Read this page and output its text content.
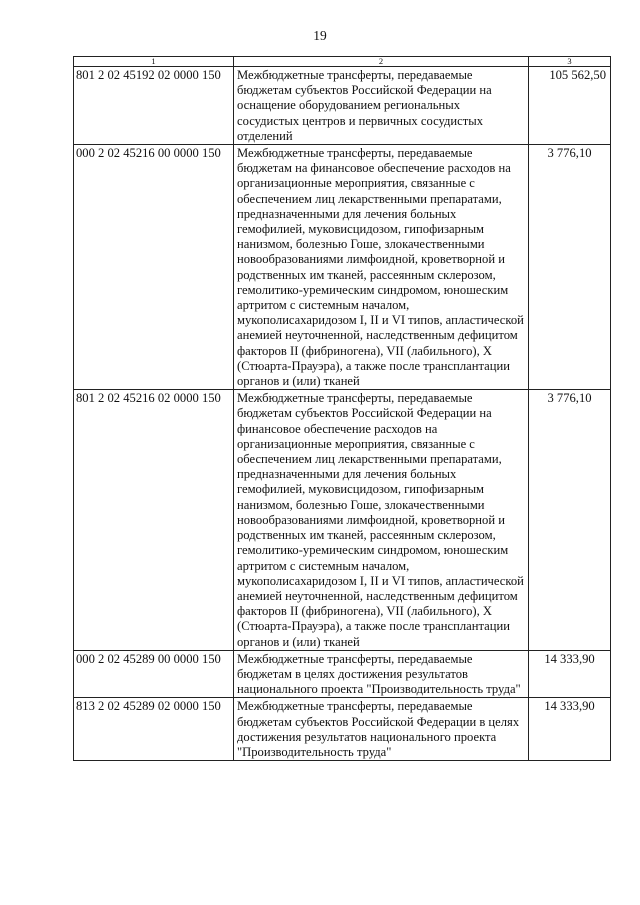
19
1	2	3
801 2 02 45192 02 0000 150	Межбюджетные трансферты, передаваемые бюджетам субъектов Российской Федерации на оснащение оборудованием региональных сосудистых центров и первичных сосудистых отделений	105 562,50
000 2 02 45216 00 0000 150	Межбюджетные трансферты, передаваемые бюджетам на финансовое обеспечение расходов на организационные мероприятия, связанные с обеспечением лиц лекарственными препаратами, предназначенными для лечения больных гемофилией, муковисцидозом, гипофизарным нанизмом, болезнью Гоше, злокачественными новообразованиями лимфоидной, кроветворной и родственных им тканей, рассеянным склерозом, гемолитико-уремическим синдромом, юношеским артритом с системным началом, мукополисахаридозом I, II и VI типов, апластической анемией неуточненной, наследственным дефицитом факторов II (фибриногена), VII (лабильного), X (Стюарта-Прауэра), а также после трансплантации органов и (или) тканей	3 776,10
801 2 02 45216 02 0000 150	Межбюджетные трансферты, передаваемые бюджетам субъектов Российской Федерации на финансовое обеспечение расходов на организационные мероприятия, связанные с обеспечением лиц лекарственными препаратами, предназначенными для лечения больных гемофилией, муковисцидозом, гипофизарным нанизмом, болезнью Гоше, злокачественными новообразованиями лимфоидной, кроветворной и родственных им тканей, рассеянным склерозом, гемолитико-уремическим синдромом, юношеским артритом с системным началом, мукополисахаридозом I, II и VI типов, апластической анемией неуточненной, наследственным дефицитом факторов II (фибриногена), VII (лабильного), X (Стюарта-Прауэра), а также после трансплантации органов и (или) тканей	3 776,10
000 2 02 45289 00 0000 150	Межбюджетные трансферты, передаваемые бюджетам в целях достижения результатов национального проекта "Производительность труда"	14 333,90
813 2 02 45289 02 0000 150	Межбюджетные трансферты, передаваемые бюджетам субъектов Российской Федерации в целях достижения результатов национального проекта "Производительность труда"	14 333,90
